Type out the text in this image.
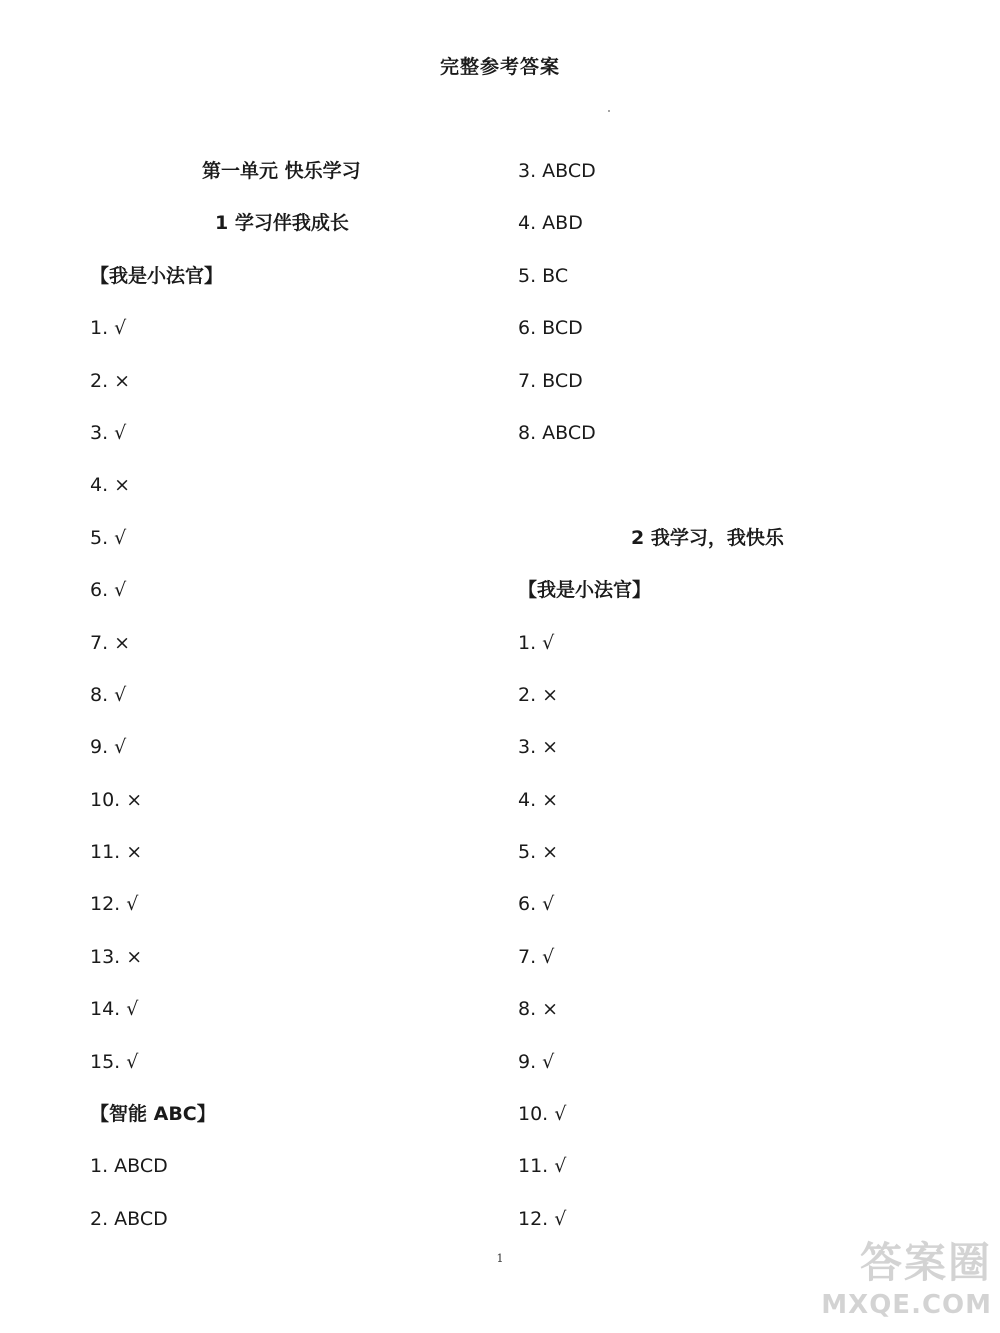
完整参考答案
第一单元 快乐学习
1 学习伴我成长
【我是小法官】
1. √
2. ×
3. √
4. ×
5. √
6. √
7. ×
8. √
9. √
10. ×
11. ×
12. √
13. ×
14. √
15. √
【智能 ABC】
1. ABCD
2. ABCD
3. ABCD
4. ABD
5. BC
6. BCD
7. BCD
8. ABCD
2 我学习，我快乐
【我是小法官】
1. √
2. ×
3. ×
4. ×
5. ×
6. √
7. √
8. ×
9. √
10. √
11. √
12. √
1	答案圈
MXQE.COM
